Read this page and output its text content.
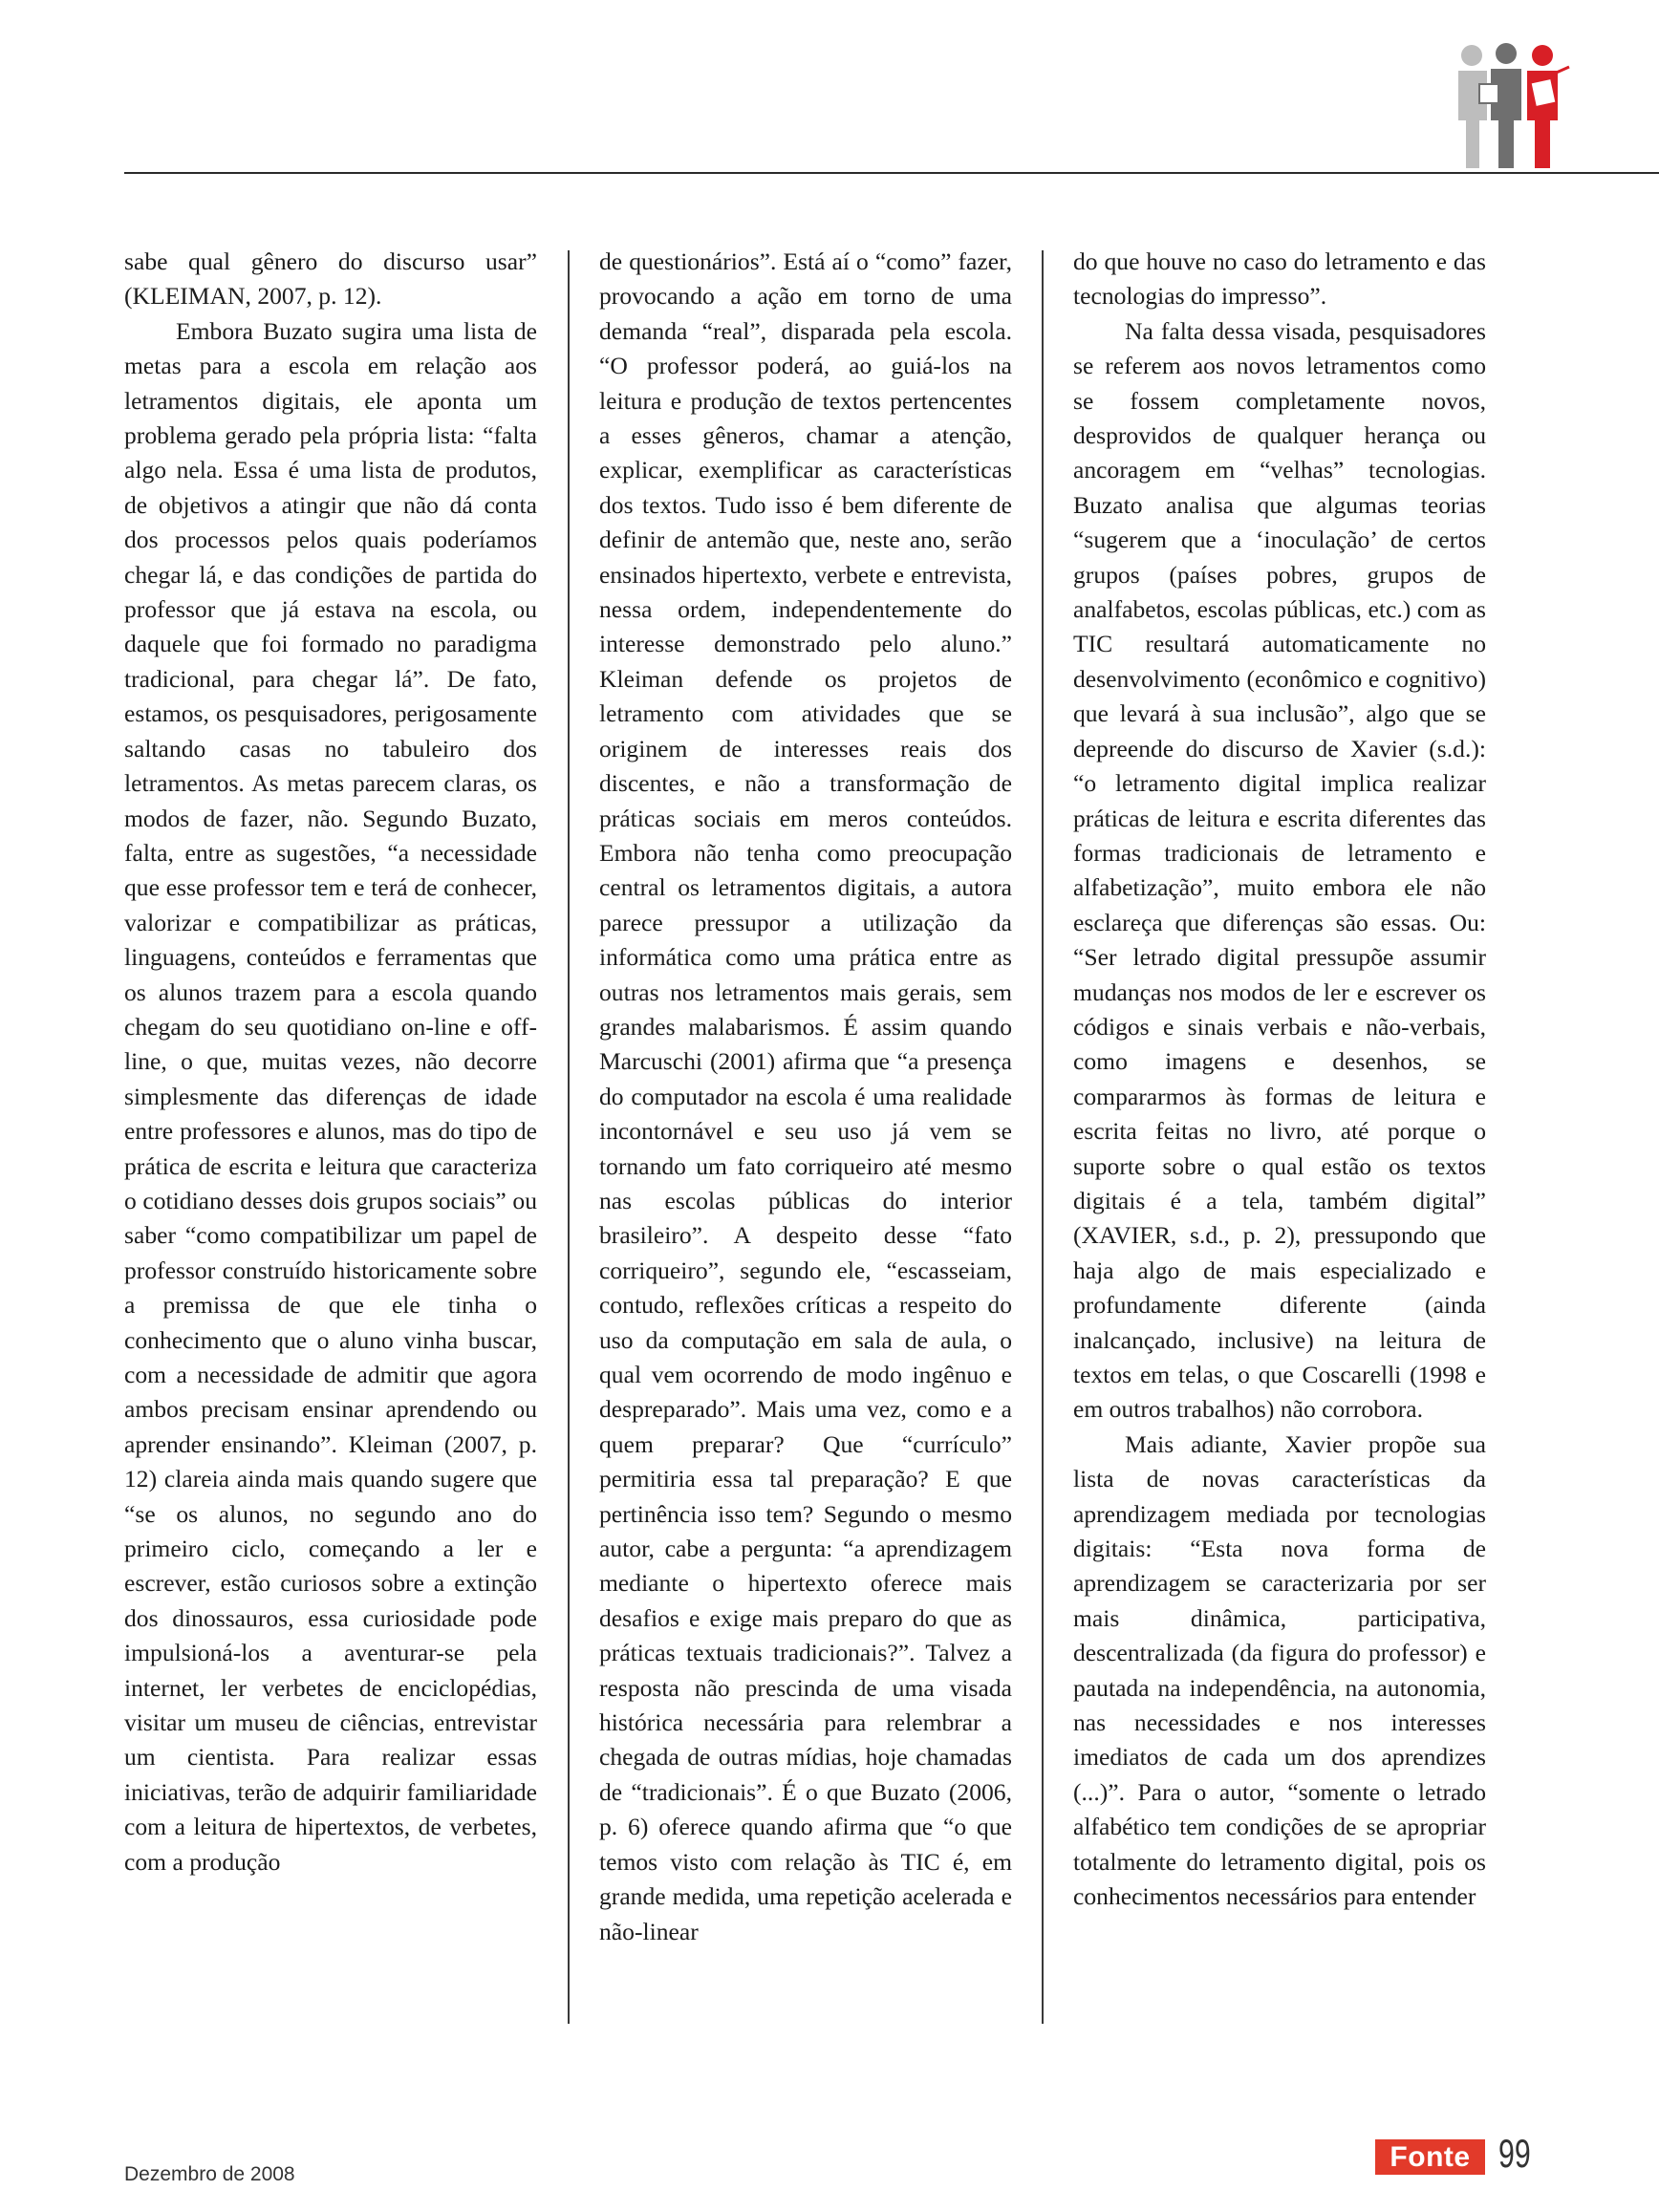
sabe qual gênero do discurso usar” (KLEIMAN, 2007, p. 12).

Embora Buzato sugira uma lista de metas para a escola em relação aos letramentos digitais, ele aponta um problema gerado pela própria lista: “falta algo nela. Essa é uma lista de produtos, de objetivos a atingir que não dá conta dos processos pelos quais poderíamos chegar lá, e das condições de partida do professor que já estava na escola, ou daquele que foi formado no paradigma tradicional, para chegar lá”. De fato, estamos, os pesquisadores, perigosamente saltando casas no tabuleiro dos letramentos. As metas parecem claras, os modos de fazer, não. Segundo Buzato, falta, entre as sugestões, “a necessidade que esse professor tem e terá de conhecer, valorizar e compatibilizar as práticas, linguagens, conteúdos e ferramentas que os alunos trazem para a escola quando chegam do seu quotidiano on-line e off-line, o que, muitas vezes, não decorre simplesmente das diferenças de idade entre professores e alunos, mas do tipo de prática de escrita e leitura que caracteriza o cotidiano desses dois grupos sociais” ou saber “como compatibilizar um papel de professor construído historicamente sobre a premissa de que ele tinha o conhecimento que o aluno vinha buscar, com a necessidade de admitir que agora ambos precisam ensinar aprendendo ou aprender ensinando”. Kleiman (2007, p. 12) clareia ainda mais quando sugere que “se os alunos, no segundo ano do primeiro ciclo, começando a ler e escrever, estão curiosos sobre a extinção dos dinossauros, essa curiosidade pode impulsioná-los a aventurar-se pela internet, ler verbetes de enciclopédias, visitar um museu de ciências, entrevistar um cientista. Para realizar essas iniciativas, terão de adquirir familiaridade com a leitura de hipertextos, de verbetes, com a produção

de questionários”. Está aí o “como” fazer, provocando a ação em torno de uma demanda “real”, disparada pela escola. “O professor poderá, ao guiá-los na leitura e produção de textos pertencentes a esses gêneros, chamar a atenção, explicar, exemplificar as características dos textos. Tudo isso é bem diferente de definir de antemão que, neste ano, serão ensinados hipertexto, verbete e entrevista, nessa ordem, independentemente do interesse demonstrado pelo aluno.” Kleiman defende os projetos de letramento com atividades que se originem de interesses reais dos discentes, e não a transformação de práticas sociais em meros conteúdos. Embora não tenha como preocupação central os letramentos digitais, a autora parece pressupor a utilização da informática como uma prática entre as outras nos letramentos mais gerais, sem grandes malabarismos. É assim quando Marcuschi (2001) afirma que “a presença do computador na escola é uma realidade incontornável e seu uso já vem se tornando um fato corriqueiro até mesmo nas escolas públicas do interior brasileiro”. A despeito desse “fato corriqueiro”, segundo ele, “escasseiam, contudo, reflexões críticas a respeito do uso da computação em sala de aula, o qual vem ocorrendo de modo ingênuo e despreparado”. Mais uma vez, como e a quem preparar? Que “currículo” permitiria essa tal preparação? E que pertinência isso tem? Segundo o mesmo autor, cabe a pergunta: “a aprendizagem mediante o hipertexto oferece mais desafios e exige mais preparo do que as práticas textuais tradicionais?”. Talvez a resposta não prescinda de uma visada histórica necessária para relembrar a chegada de outras mídias, hoje chamadas de “tradicionais”. É o que Buzato (2006, p. 6) oferece quando afirma que “o que temos visto com relação às TIC é, em grande medida, uma repetição acelerada e não-linear

do que houve no caso do letramento e das tecnologias do impresso”.

Na falta dessa visada, pesquisadores se referem aos novos letramentos como se fossem completamente novos, desprovidos de qualquer herança ou ancoragem em “velhas” tecnologias. Buzato analisa que algumas teorias “sugerem que a ‘inoculação’ de certos grupos (países pobres, grupos de analfabetos, escolas públicas, etc.) com as TIC resultará automaticamente no desenvolvimento (econômico e cognitivo) que levará à sua inclusão”, algo que se depreende do discurso de Xavier (s.d.): “o letramento digital implica realizar práticas de leitura e escrita diferentes das formas tradicionais de letramento e alfabetização”, muito embora ele não esclareça que diferenças são essas. Ou: “Ser letrado digital pressupõe assumir mudanças nos modos de ler e escrever os códigos e sinais verbais e não-verbais, como imagens e desenhos, se compararmos às formas de leitura e escrita feitas no livro, até porque o suporte sobre o qual estão os textos digitais é a tela, também digital” (XAVIER, s.d., p. 2), pressupondo que haja algo de mais especializado e profundamente diferente (ainda inalcançado, inclusive) na leitura de textos em telas, o que Coscarelli (1998 e em outros trabalhos) não corrobora.

Mais adiante, Xavier propõe sua lista de novas características da aprendizagem mediada por tecnologias digitais: “Esta nova forma de aprendizagem se caracterizaria por ser mais dinâmica, participativa, descentralizada (da figura do professor) e pautada na independência, na autonomia, nas necessidades e nos interesses imediatos de cada um dos aprendizes (...)”. Para o autor, “somente o letrado alfabético tem condições de se apropriar totalmente do letramento digital, pois os conhecimentos necessários para entender

Dezembro de 2008
Fonte 99
